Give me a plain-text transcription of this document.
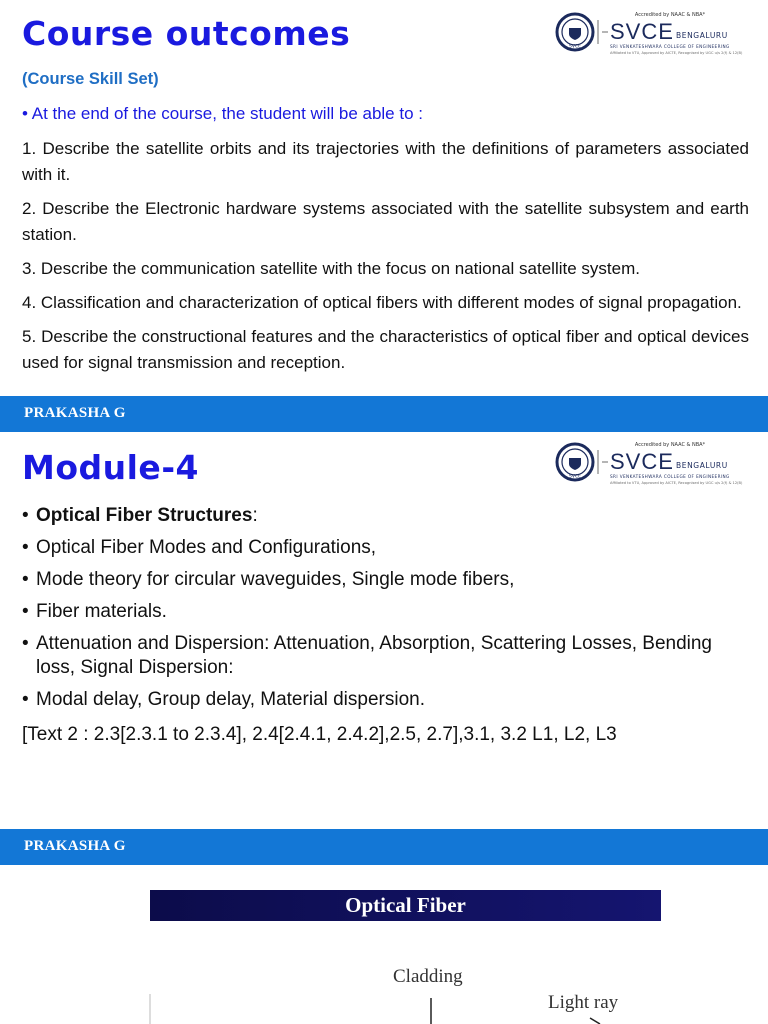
Course outcomes	SVCE
Accredited by NAAC & NBA*
SVCE BENGALURU
SRI VENKATESHWARA COLLEGE OF ENGINEERING
Affiliated to VTU, Approved by AICTE, Recognised by UGC u/s 2(f) & 12(B)
(Course Skill Set)
• At the end of the course, the student will be able to :
1. Describe the satellite orbits and its trajectories with the definitions of parameters associated with it.
2. Describe the Electronic hardware systems associated with the satellite subsystem and earth station.
3. Describe the communication satellite with the focus on national satellite system.
4. Classification and characterization of optical fibers with different modes of signal propagation.
5. Describe the constructional features and the characteristics of optical fiber and optical devices used for signal transmission and reception.
PRAKASHA G
Module-4	SVCE
Accredited by NAAC & NBA*
SVCE BENGALURU
SRI VENKATESHWARA COLLEGE OF ENGINEERING
Affiliated to VTU, Approved by AICTE, Recognised by UGC u/s 2(f) & 12(B)
• Optical Fiber Structures:
• Optical Fiber Modes and Configurations,
• Mode theory for circular waveguides, Single mode fibers,
• Fiber materials.
• Attenuation and Dispersion: Attenuation, Absorption, Scattering Losses, Bending loss, Signal Dispersion:
• Modal delay, Group delay, Material dispersion.
[Text 2 : 2.3[2.3.1 to 2.3.4], 2.4[2.4.1, 2.4.2],2.5, 2.7],3.1, 3.2 L1, L2, L3
PRAKASHA G
Optical Fiber
Cladding
Light ray
